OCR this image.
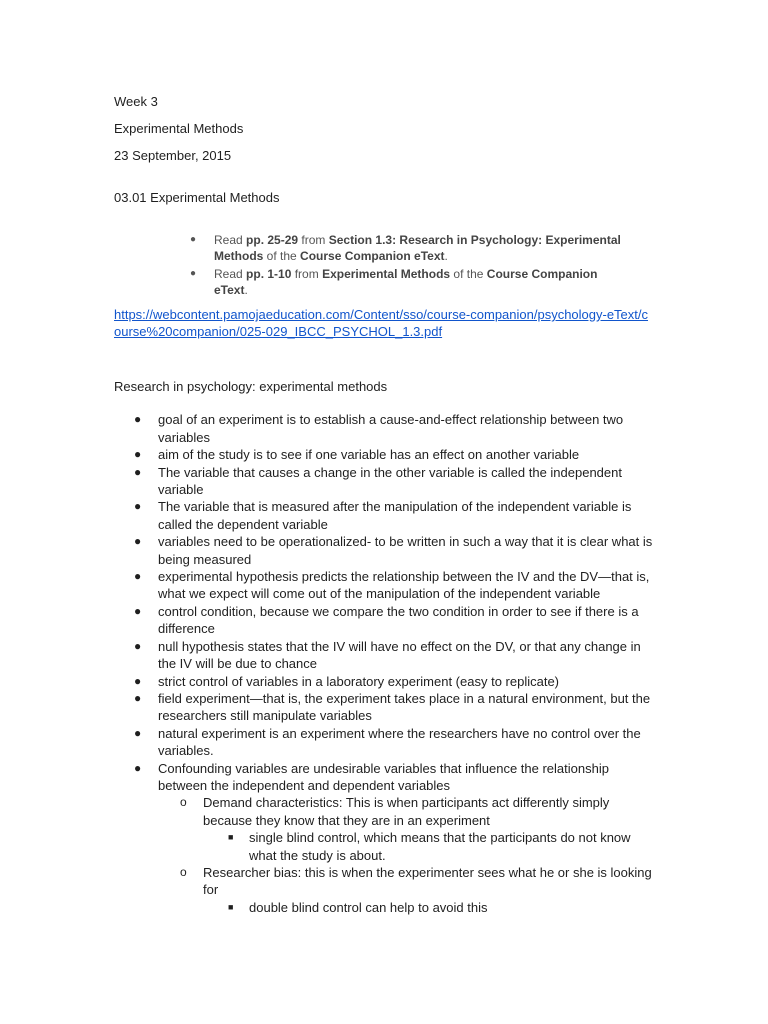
Week 3
Experimental Methods
23 September, 2015
03.01 Experimental Methods
● Read pp. 25-29 from Section 1.3: Research in Psychology: Experimental Methods of the Course Companion eText.
● Read pp. 1-10 from Experimental Methods of the Course Companion eText.
https://webcontent.pamojaeducation.com/Content/sso/course-companion/psychology-eText/course%20companion/025-029_IBCC_PSYCHOL_1.3.pdf
Research in psychology: experimental methods
● goal of an experiment is to establish a cause-and-effect relationship between two variables
● aim of the study is to see if one variable has an effect on another variable
● The variable that causes a change in the other variable is called the independent variable
● The variable that is measured after the manipulation of the independent variable is called the dependent variable
● variables need to be operationalized- to be written in such a way that it is clear what is being measured
● experimental hypothesis predicts the relationship between the IV and the DV—that is, what we expect will come out of the manipulation of the independent variable
● control condition, because we compare the two condition in order to see if there is a difference
● null hypothesis states that the IV will have no effect on the DV, or that any change in the IV will be due to chance
● strict control of variables in a laboratory experiment (easy to replicate)
● field experiment—that is, the experiment takes place in a natural environment, but the researchers still manipulate variables
● natural experiment is an experiment where the researchers have no control over the variables.
● Confounding variables are undesirable variables that influence the relationship between the independent and dependent variables
o Demand characteristics: This is when participants act differently simply because they know that they are in an experiment
■ single blind control, which means that the participants do not know what the study is about.
o Researcher bias: this is when the experimenter sees what he or she is looking for
■ double blind control can help to avoid this
